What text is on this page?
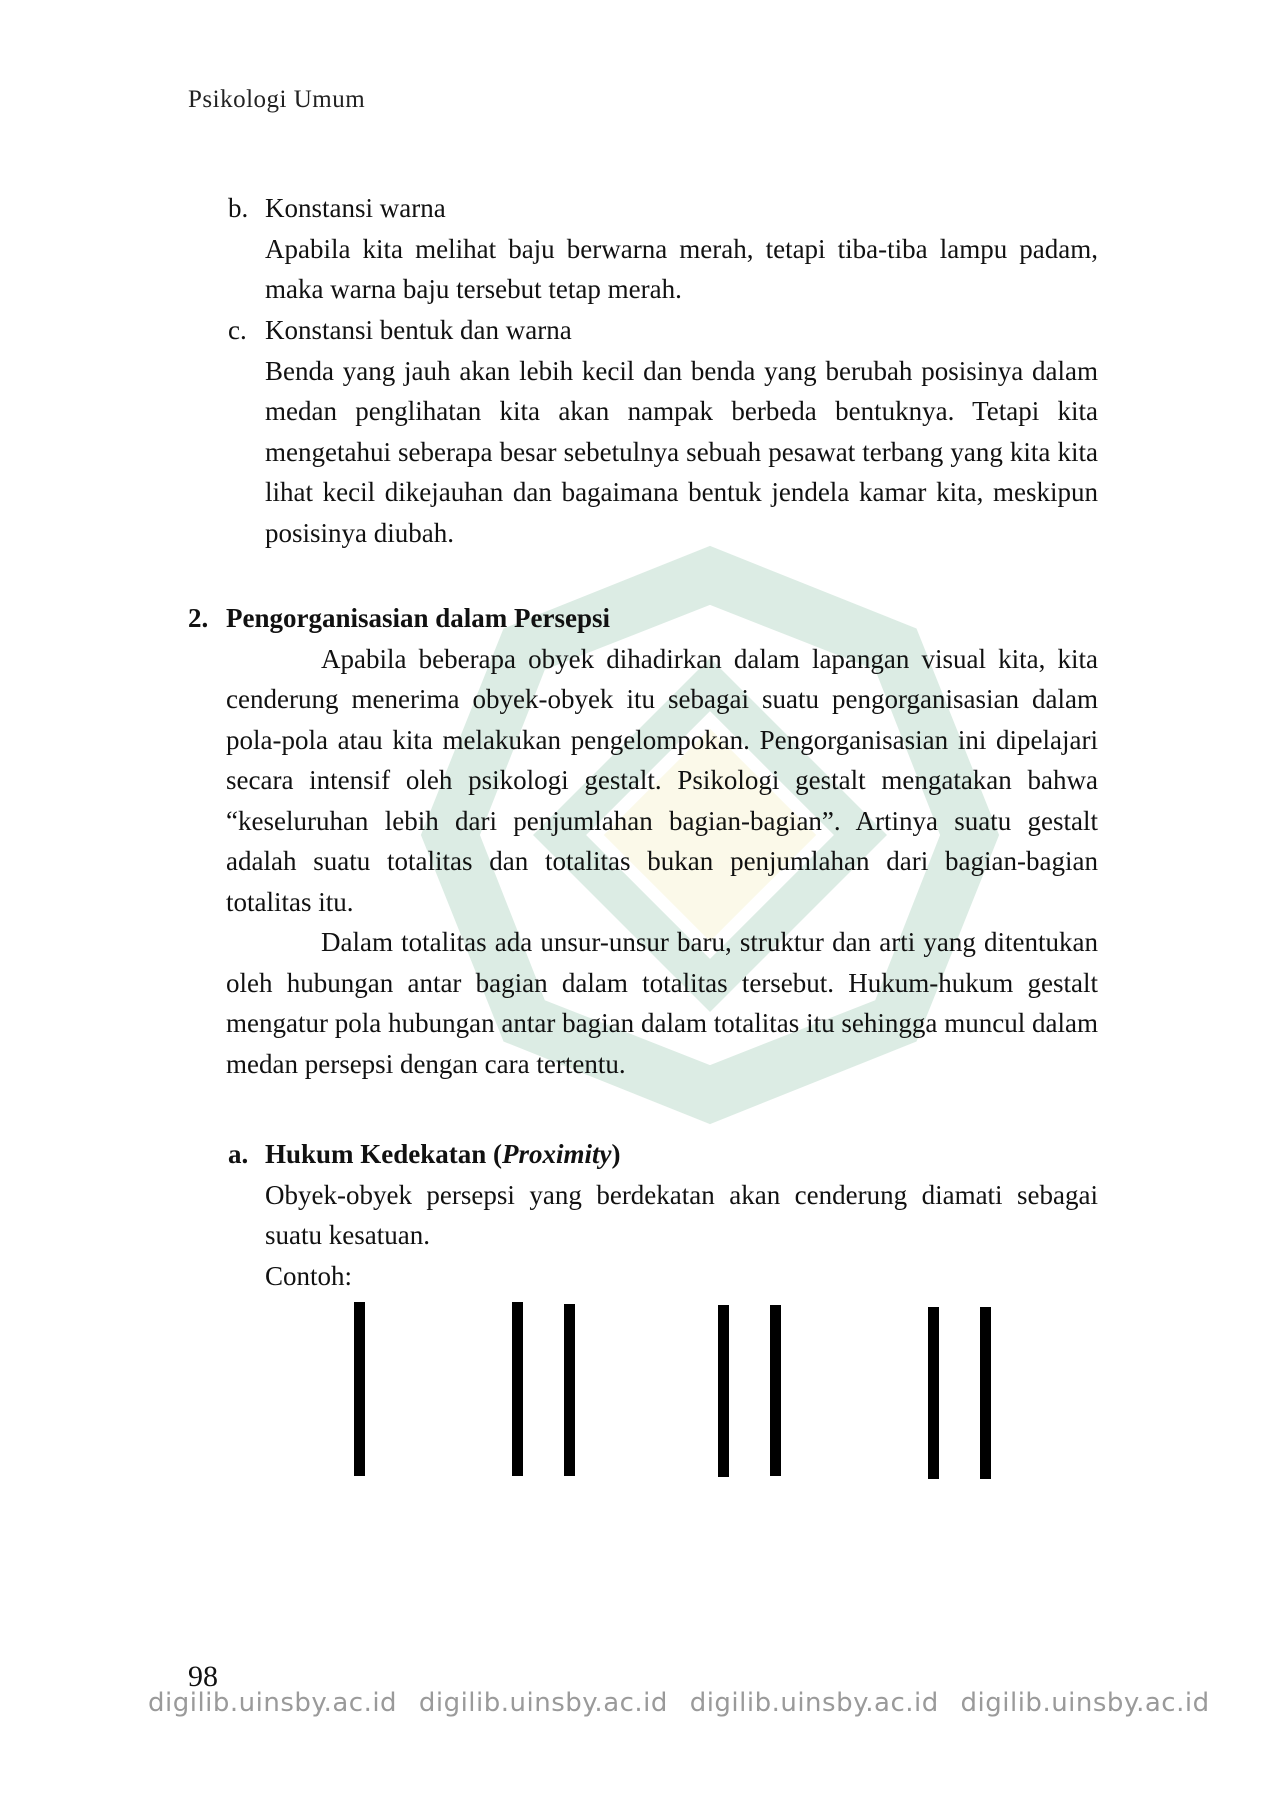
Psikologi Umum
b. Konstansi warna
Apabila kita melihat baju berwarna merah, tetapi tiba-tiba lampu padam, maka warna baju tersebut tetap merah.
c. Konstansi bentuk dan warna
Benda yang jauh akan lebih kecil dan benda yang berubah posisinya dalam medan penglihatan kita akan nampak berbeda bentuknya. Tetapi kita mengetahui seberapa besar sebetulnya sebuah pesawat terbang yang kita kita lihat kecil dikejauhan dan bagaimana bentuk jendela kamar kita, meskipun posisinya diubah.
2. Pengorganisasian dalam Persepsi
Apabila beberapa obyek dihadirkan dalam lapangan visual kita, kita cenderung menerima obyek-obyek itu sebagai suatu pengorganisasian dalam pola-pola atau kita melakukan pengelompokan. Pengorganisasian ini dipelajari secara intensif oleh psikologi gestalt. Psikologi gestalt mengatakan bahwa “keseluruhan lebih dari penjumlahan bagian-bagian”. Artinya suatu gestalt adalah suatu totalitas dan totalitas bukan penjumlahan dari bagian-bagian totalitas itu.
Dalam totalitas ada unsur-unsur baru, struktur dan arti yang ditentukan oleh hubungan antar bagian dalam totalitas tersebut. Hukum-hukum gestalt mengatur pola hubungan antar bagian dalam totalitas itu sehingga muncul dalam medan persepsi dengan cara tertentu.
a. Hukum Kedekatan (Proximity)
Obyek-obyek persepsi yang berdekatan akan cenderung diamati sebagai suatu kesatuan.
Contoh:
98
digilib.uinsby.ac.id digilib.uinsby.ac.id digilib.uinsby.ac.id digilib.uinsby.ac.id
